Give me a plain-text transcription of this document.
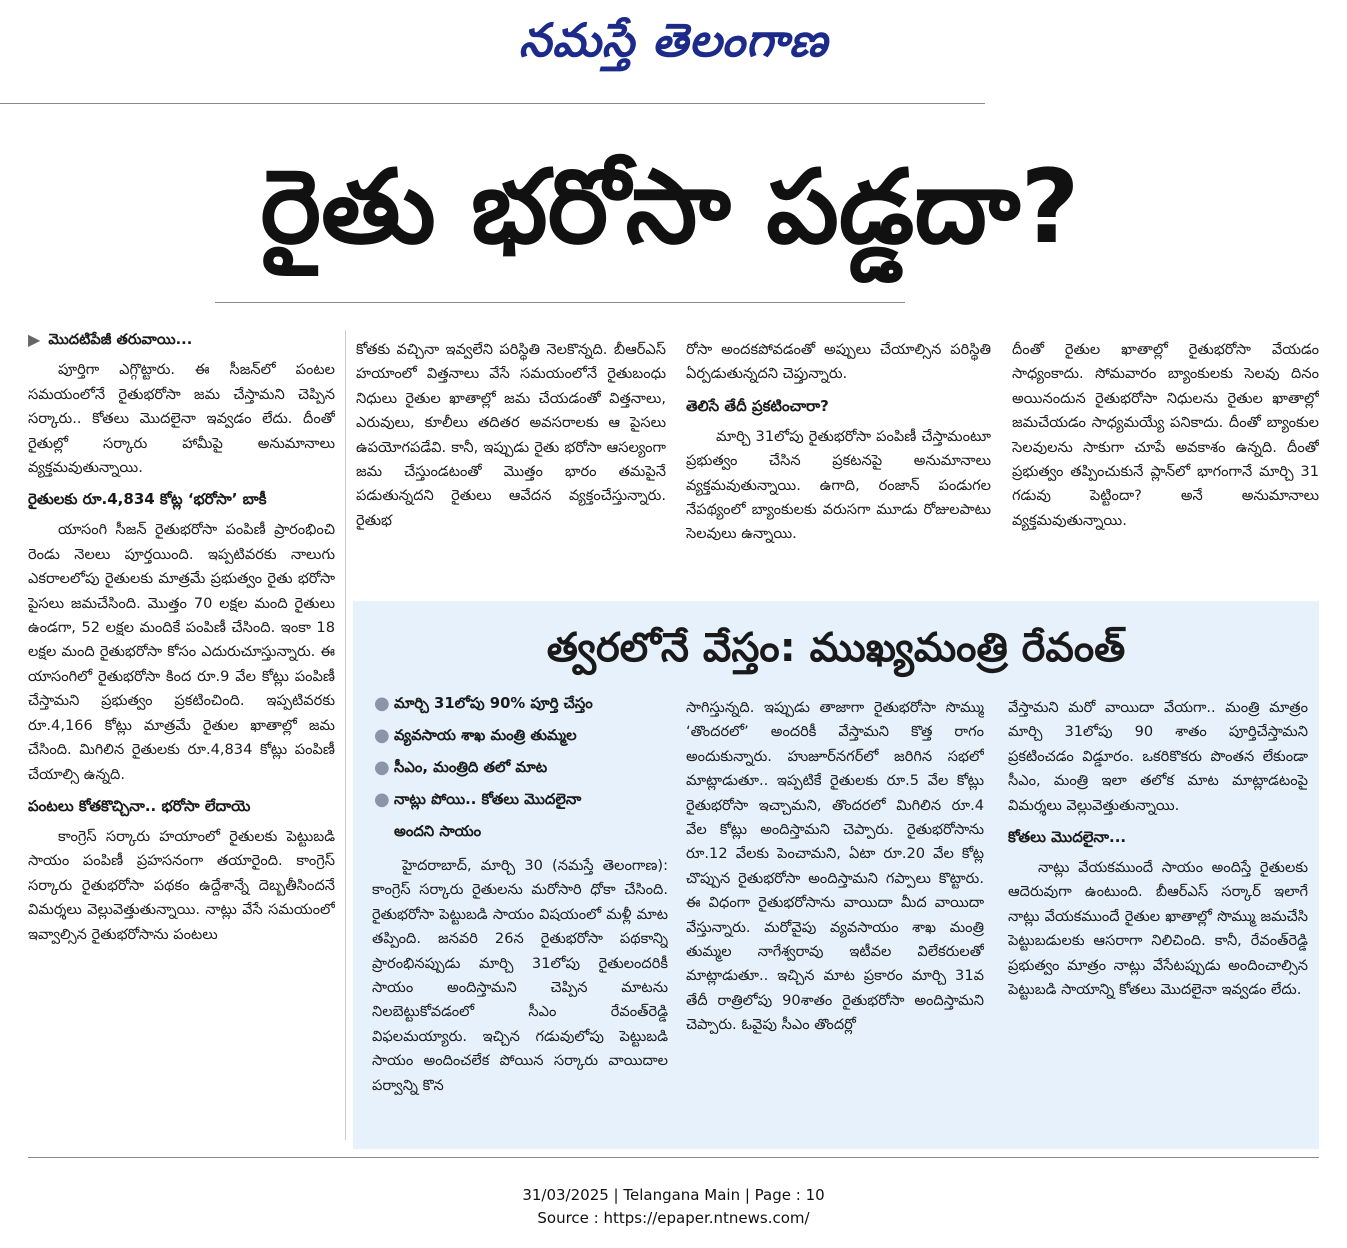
నమస్తే తెలంగాణ
రైతు భరోసా పడ్డదా?
▶ మొదటిపేజీ తరువాయి...

పూర్తిగా ఎగ్గొట్టారు. ఈ సీజన్‌లో పంటల సమయంలోనే రైతుభరోసా జమ చేస్తామని చెప్పిన సర్కారు.. కోతలు మొదలైనా ఇవ్వడం లేదు. దీంతో రైతుల్లో సర్కారు హామీపై అనుమానాలు వ్యక్తమవుతున్నాయి.

రైతులకు రూ.4,834 కోట్ల ‘భరోసా’ బాకీ

యాసంగి సీజన్ రైతుభరోసా పంపిణీ ప్రారంభించి రెండు నెలలు పూర్తయింది. ఇప్పటివరకు నాలుగు ఎకరాలలోపు రైతులకు మాత్రమే ప్రభుత్వం రైతు భరోసా పైసలు జమచేసింది. మొత్తం 70 లక్షల మంది రైతులు ఉండగా, 52 లక్షల మందికే పంపిణీ చేసింది. ఇంకా 18 లక్షల మంది రైతుభరోసా కోసం ఎదురుచూస్తున్నారు. ఈ యాసంగిలో రైతుభరోసా కింద రూ.9 వేల కోట్లు పంపిణీ చేస్తామని ప్రభుత్వం ప్రకటించింది. ఇప్పటివరకు రూ.4,166 కోట్లు మాత్రమే రైతుల ఖాతాల్లో జమ చేసింది. మిగిలిన రైతులకు రూ.4,834 కోట్లు పంపిణీ చేయాల్సి ఉన్నది.

పంటలు కోతకొచ్చినా.. భరోసా లేదాయె

కాంగ్రెస్ సర్కారు హయాంలో రైతులకు పెట్టుబడి సాయం పంపిణీ ప్రహసనంగా తయారైంది. కాంగ్రెస్ సర్కారు రైతుభరోసా పథకం ఉద్దేశాన్నే దెబ్బతీసిందనే విమర్శలు వెల్లువెత్తుతున్నాయి. నాట్లు వేసే సమయంలో ఇవ్వాల్సిన రైతుభరోసాను పంటలు

కోతకు వచ్చినా ఇవ్వలేని పరిస్థితి నెలకొన్నది. బీఆర్‌ఎస్ హయాంలో విత్తనాలు వేసే సమయంలోనే రైతుబంధు నిధులు రైతుల ఖాతాల్లో జమ చేయడంతో విత్తనాలు, ఎరువులు, కూలీలు తదితర అవసరాలకు ఆ పైసలు ఉపయోగపడేవి. కానీ, ఇప్పుడు రైతు భరోసా ఆసల్యంగా జమ చేస్తుండటంతో మొత్తం భారం తమపైనే పడుతున్నదని రైతులు ఆవేదన వ్యక్తంచేస్తున్నారు. రైతుభ

రోసా అందకపోవడంతో అప్పులు చేయాల్సిన పరిస్థితి ఏర్పడుతున్నదని చెప్తున్నారు.

తెలిసే తేదీ ప్రకటించారా?

మార్చి 31లోపు రైతుభరోసా పంపిణీ చేస్తామంటూ ప్రభుత్వం చేసిన ప్రకటనపై అనుమానాలు వ్యక్తమవుతున్నాయి. ఉగాది, రంజాన్ పండుగల నేపథ్యంలో బ్యాంకులకు వరుసగా మూడు రోజులపాటు సెలవులు ఉన్నాయి.

దీంతో రైతుల ఖాతాల్లో రైతుభరోసా వేయడం సాధ్యంకాదు. సోమవారం బ్యాంకులకు సెలవు దినం అయినందున రైతుభరోసా నిధులను రైతుల ఖాతాల్లో జమచేయడం సాధ్యమయ్యే పనికాదు. దీంతో బ్యాంకుల సెలవులను సాకుగా చూపే అవకాశం ఉన్నది. దీంతో ప్రభుత్వం తప్పించుకునే ప్లాన్‌లో భాగంగానే మార్చి 31 గడువు పెట్టిందా? అనే అనుమానాలు వ్యక్తమవుతున్నాయి.

త్వరలోనే వేస్తం: ముఖ్యమంత్రి రేవంత్
● మార్చి 31లోపు 90% పూర్తి చేస్తం
● వ్యవసాయ శాఖ మంత్రి తుమ్మల
● సీఎం, మంత్రిది తలో మాట
● నాట్లు పోయి.. కోతలు మొదలైనా
అందని సాయం

హైదరాబాద్, మార్చి 30 (నమస్తే తెలంగాణ): కాంగ్రెస్ సర్కారు రైతులను మరోసారి ధోకా చేసింది. రైతుభరోసా పెట్టుబడి సాయం విషయంలో మళ్లీ మాట తప్పింది. జనవరి 26న రైతుభరోసా పథకాన్ని ప్రారంభినప్పుడు మార్చి 31లోపు రైతులందరికీ సాయం అందిస్తామని చెప్పిన మాటను నిలబెట్టుకోవడంలో సీఎం రేవంత్‌రెడ్డి విఫలమయ్యారు. ఇచ్చిన గడువులోపు పెట్టుబడి సాయం అందించలేక పోయిన సర్కారు వాయిదాల పర్వాన్ని కొన

సాగిస్తున్నది. ఇప్పుడు తాజాగా రైతుభరోసా సొమ్ము ‘తొందరలో’ అందరికీ వేస్తామని కొత్త రాగం అందుకున్నారు. హుజూర్‌నగర్‌లో జరిగిన సభలో మాట్లాడుతూ.. ఇప్పటికే రైతులకు రూ.5 వేల కోట్లు రైతుభరోసా ఇచ్చామని, తొందరలో మిగిలిన రూ.4 వేల కోట్లు అందిస్తామని చెప్పారు. రైతుభరోసాను రూ.12 వేలకు పెంచామని, ఏటా రూ.20 వేల కోట్ల చొప్పున రైతుభరోసా అందిస్తామని గప్పాలు కొట్టారు. ఈ విధంగా రైతుభరోసాను వాయిదా మీద వాయిదా వేస్తున్నారు. మరోవైపు వ్యవసాయం శాఖ మంత్రి తుమ్మల నాగేశ్వరావు ఇటీవల విలేకరులతో మాట్లాడుతూ.. ఇచ్చిన మాట ప్రకారం మార్చి 31వ తేదీ రాత్రిలోపు 90శాతం రైతుభరోసా అందిస్తామని చెప్పారు. ఓవైపు సీఎం తొందర్లో

వేస్తామని మరో వాయిదా వేయగా.. మంత్రి మాత్రం మార్చి 31లోపు 90 శాతం పూర్తిచేస్తామని ప్రకటించడం విడ్డూరం. ఒకరికొకరు పొంతన లేకుండా సీఎం, మంత్రి ఇలా తలోక మాట మాట్లాడటంపై విమర్శలు వెల్లువెత్తుతున్నాయి.

కోతలు మొదలైనా...

నాట్లు వేయకముందే సాయం అందిస్తే రైతులకు ఆదెరువుగా ఉంటుంది. బీఆర్‌ఎస్ సర్కార్ ఇలాగే నాట్లు వేయకముందే రైతుల ఖాతాల్లో సొమ్ము జమచేసి పెట్టుబడులకు ఆసరాగా నిలిచింది. కానీ, రేవంత్‌రెడ్డి ప్రభుత్వం మాత్రం నాట్లు వేసేటప్పుడు అందించాల్సిన పెట్టుబడి సాయాన్ని కోతలు మొదలైనా ఇవ్వడం లేదు.

31/03/2025 | Telangana Main | Page : 10
Source : https://epaper.ntnews.com/
